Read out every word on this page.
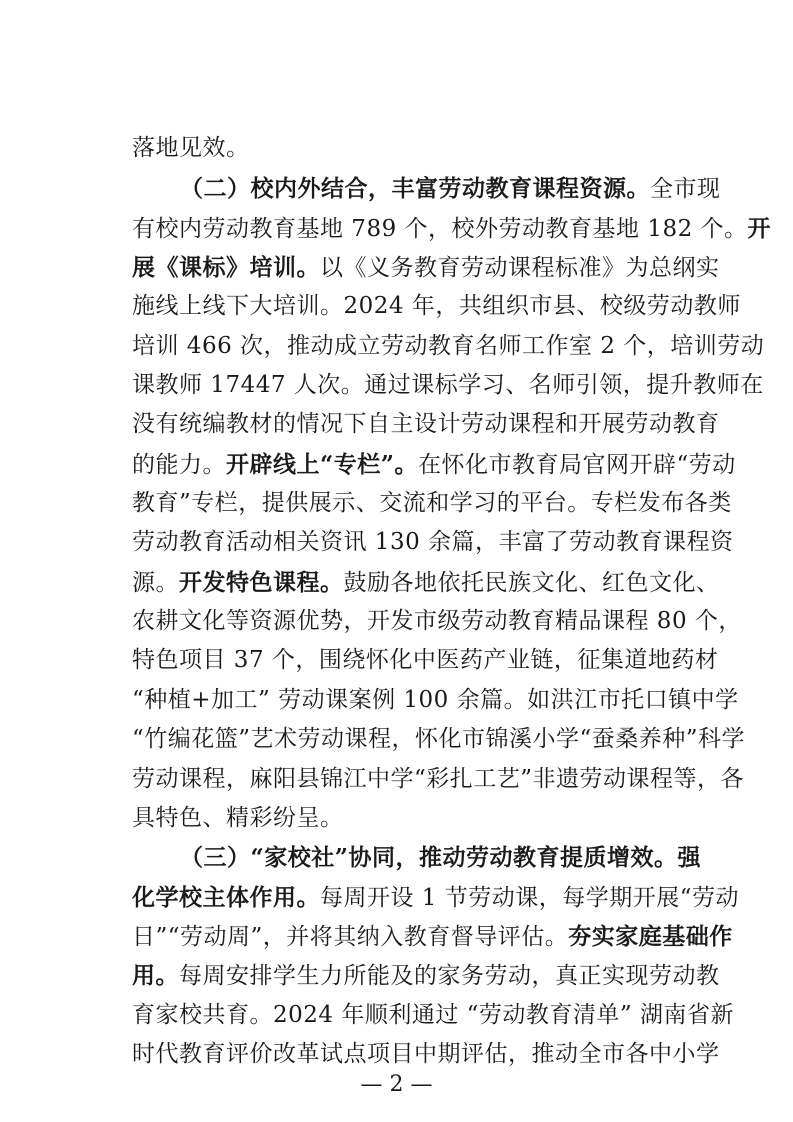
落地见效。
（二）校内外结合，丰富劳动教育课程资源。全市现
有校内劳动教育基地 789 个，校外劳动教育基地 182 个。开
展《课标》培训。以《义务教育劳动课程标准》为总纲实
施线上线下大培训。2024 年，共组织市县、校级劳动教师
培训 466 次，推动成立劳动教育名师工作室 2 个，培训劳动
课教师 17447 人次。通过课标学习、名师引领，提升教师在
没有统编教材的情况下自主设计劳动课程和开展劳动教育
的能力。开辟线上“专栏”。在怀化市教育局官网开辟“劳动
教育”专栏，提供展示、交流和学习的平台。专栏发布各类
劳动教育活动相关资讯 130 余篇，丰富了劳动教育课程资
源。开发特色课程。鼓励各地依托民族文化、红色文化、
农耕文化等资源优势，开发市级劳动教育精品课程 80 个，
特色项目 37 个，围绕怀化中医药产业链，征集道地药材
“种植+加工” 劳动课案例 100 余篇。如洪江市托口镇中学
“竹编花篮”艺术劳动课程，怀化市锦溪小学“蚕桑养种”科学
劳动课程，麻阳县锦江中学“彩扎工艺”非遗劳动课程等，各
具特色、精彩纷呈。
（三）“家校社”协同，推动劳动教育提质增效。强
化学校主体作用。每周开设 1 节劳动课，每学期开展“劳动
日”“劳动周”，并将其纳入教育督导评估。夯实家庭基础作
用。每周安排学生力所能及的家务劳动，真正实现劳动教
育家校共育。2024 年顺利通过 “劳动教育清单” 湖南省新
时代教育评价改革试点项目中期评估，推动全市各中小学
— 2 —
